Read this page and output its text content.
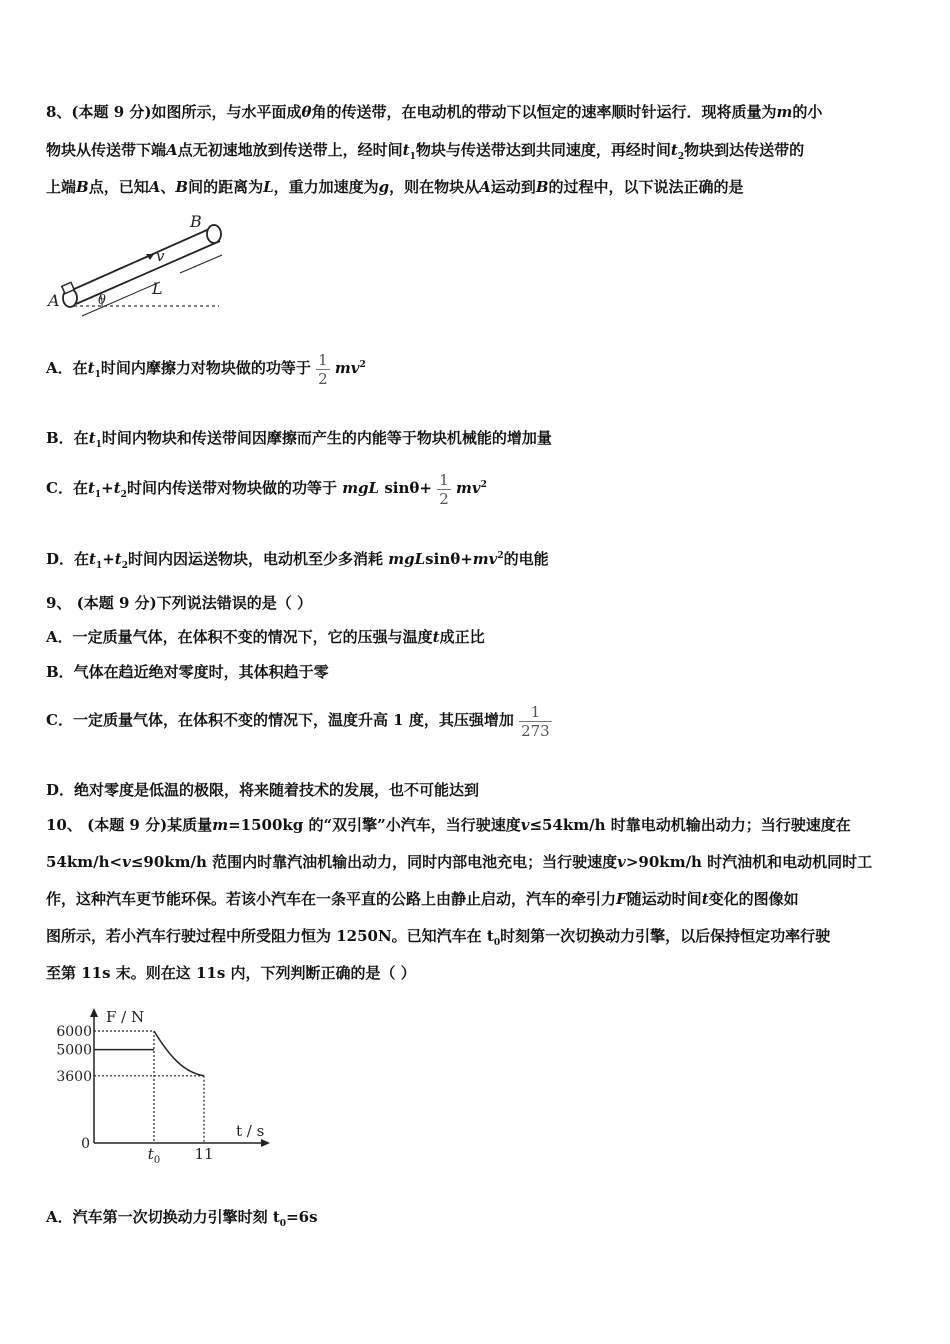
8、(本题 9 分)如图所示，与水平面成θ角的传送带，在电动机的带动下以恒定的速率顺时针运行．现将质量为m的小
物块从传送带下端A点无初速地放到传送带上，经时间$t_1$物块与传送带达到共同速度，再经时间$t_2$物块到达传送带的
上端B点，已知A、B间的距离为L，重力加速度为g，则在物块从A运动到B的过程中，以下说法正确的是
B
A
v
L
θ
A．在$t_1$时间内摩擦力对物块做的功等于 $\frac{1}{2} mv^2$
B．在$t_1$时间内物块和传送带间因摩擦而产生的内能等于物块机械能的增加量
C．在$t_1+t_2$时间内传送带对物块做的功等于 mgL $\sin\theta+ \frac{1}{2} mv^2$
D．在$t_1+t_2$时间内因运送物块，电动机至少多消耗 $mgLsin\theta+mv^2$的电能
9、 (本题 9 分)下列说法错误的是（ ）
A．一定质量气体，在体积不变的情况下，它的压强与温度t成正比
B．气体在趋近绝对零度时，其体积趋于零
C．一定质量气体，在体积不变的情况下，温度升高 1 度，其压强增加 $\frac{1}{273}$
D．绝对零度是低温的极限，将来随着技术的发展，也不可能达到
10、 (本题 9 分)某质量m=1500kg 的“双引擎”小汽车，当行驶速度v≤54km/h 时靠电动机输出动力；当行驶速度在
54km/h<v≤90km/h 范围内时靠汽油机输出动力，同时内部电池充电；当行驶速度v>90km/h 时汽油机和电动机同时工
作，这种汽车更节能环保。若该小汽车在一条平直的公路上由静止启动，汽车的牵引力F随运动时间t变化的图像如
图所示，若小汽车行驶过程中所受阻力恒为 1250N。已知汽车在 $t_0$时刻第一次切换动力引擎，以后保持恒定功率行驶
至第 11s 末。则在这 11s 内，下列判断正确的是（ ）
F / N
t / s
6000
5000
3600
0
$t_0$ 11
A．汽车第一次切换动力引擎时刻 $t_0=6s$
